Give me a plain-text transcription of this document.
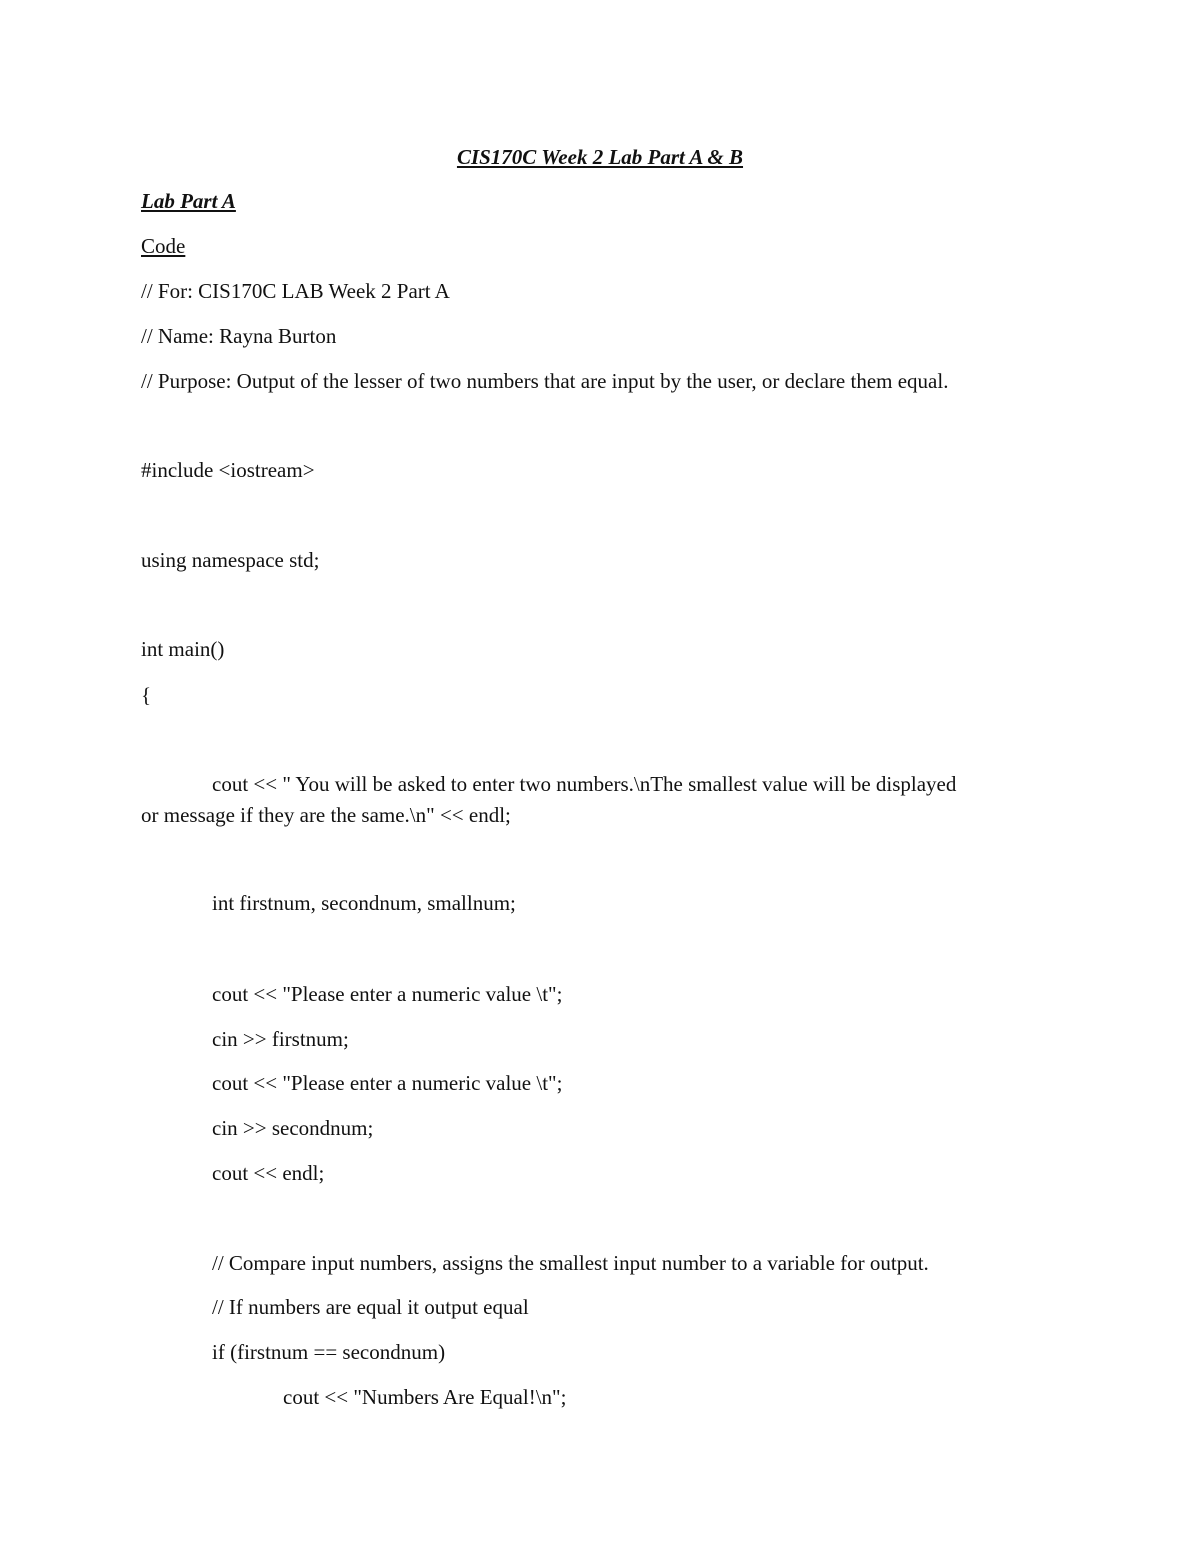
CIS170C Week 2 Lab Part A & B
Lab Part A
Code
// For: CIS170C LAB Week 2 Part A
// Name: Rayna Burton
// Purpose: Output of the lesser of two numbers that are input by the user, or declare them equal.
#include <iostream>
using namespace std;
int main()
{
cout << " You will be asked to enter two numbers.\nThe smallest value will be displayed
or message if they are the same.\n" << endl;
int firstnum, secondnum, smallnum;
cout << "Please enter a numeric value \t";
cin >> firstnum;
cout << "Please enter a numeric value \t";
cin >> secondnum;
cout << endl;
// Compare input numbers, assigns the smallest input number to a variable for output.
// If numbers are equal it output equal
if (firstnum == secondnum)
cout << "Numbers Are Equal!\n";
